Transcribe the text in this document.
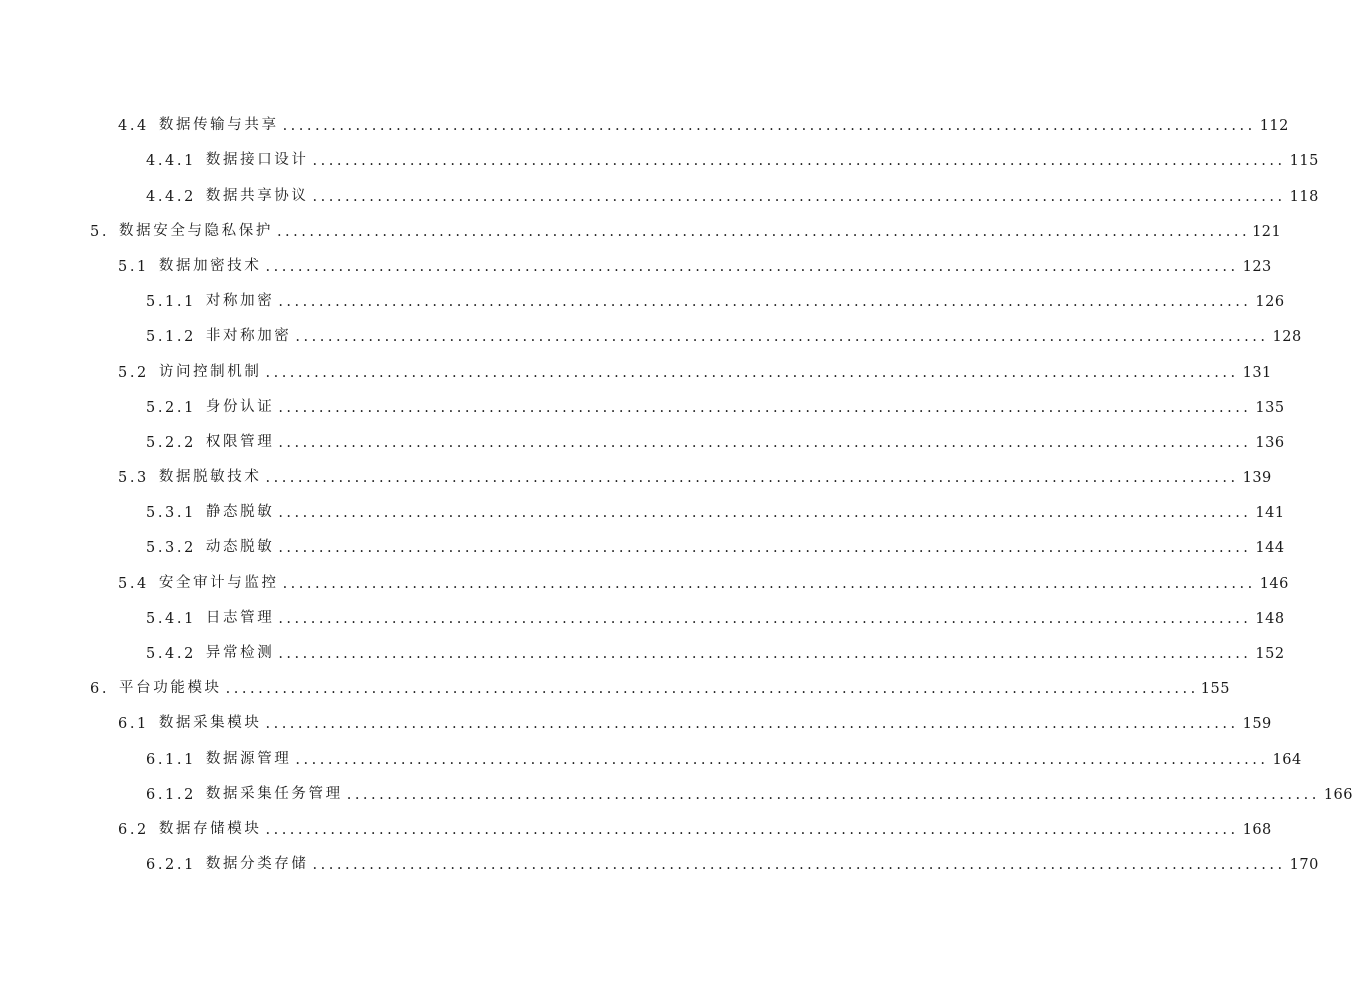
4.4 数据传输与共享 ........................................................................................................................ 112
4.4.1 数据接口设计 ........................................................................................................................ 115
4.4.2 数据共享协议 ........................................................................................................................ 118
5. 数据安全与隐私保护 ........................................................................................................................ 121
5.1 数据加密技术 ........................................................................................................................ 123
5.1.1 对称加密 ........................................................................................................................ 126
5.1.2 非对称加密 ........................................................................................................................ 128
5.2 访问控制机制 ........................................................................................................................ 131
5.2.1 身份认证 ........................................................................................................................ 135
5.2.2 权限管理 ........................................................................................................................ 136
5.3 数据脱敏技术 ........................................................................................................................ 139
5.3.1 静态脱敏 ........................................................................................................................ 141
5.3.2 动态脱敏 ........................................................................................................................ 144
5.4 安全审计与监控 ........................................................................................................................ 146
5.4.1 日志管理 ........................................................................................................................ 148
5.4.2 异常检测 ........................................................................................................................ 152
6. 平台功能模块 ........................................................................................................................ 155
6.1 数据采集模块 ........................................................................................................................ 159
6.1.1 数据源管理 ........................................................................................................................ 164
6.1.2 数据采集任务管理 ........................................................................................................................ 166
6.2 数据存储模块 ........................................................................................................................ 168
6.2.1 数据分类存储 ........................................................................................................................ 170
